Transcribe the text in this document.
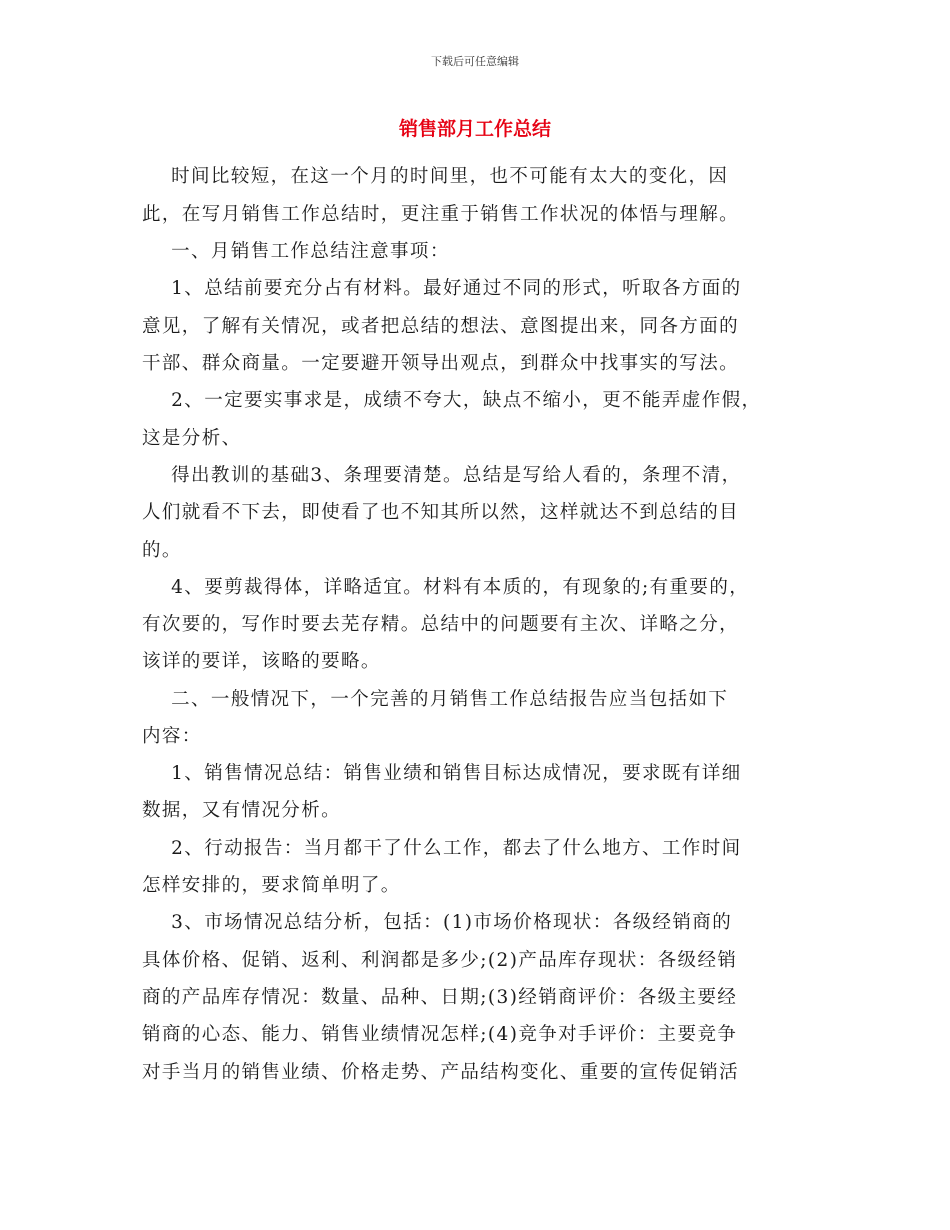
下载后可任意编辑
销售部月工作总结
时间比较短，在这一个月的时间里，也不可能有太大的变化，因
此，在写月销售工作总结时，更注重于销售工作状况的体悟与理解。
一、月销售工作总结注意事项：
1、总结前要充分占有材料。最好通过不同的形式，听取各方面的
意见，了解有关情况，或者把总结的想法、意图提出来，同各方面的
干部、群众商量。一定要避开领导出观点，到群众中找事实的写法。
2、一定要实事求是，成绩不夸大，缺点不缩小，更不能弄虚作假，
这是分析、
得出教训的基础3、条理要清楚。总结是写给人看的，条理不清，
人们就看不下去，即使看了也不知其所以然，这样就达不到总结的目
的。
4、要剪裁得体，详略适宜。材料有本质的，有现象的;有重要的，
有次要的，写作时要去芜存精。总结中的问题要有主次、详略之分，
该详的要详，该略的要略。
二、一般情况下，一个完善的月销售工作总结报告应当包括如下
内容：
1、销售情况总结：销售业绩和销售目标达成情况，要求既有详细
数据，又有情况分析。
2、行动报告：当月都干了什么工作，都去了什么地方、工作时间
怎样安排的，要求简单明了。
3、市场情况总结分析，包括：(1)市场价格现状：各级经销商的
具体价格、促销、返利、利润都是多少;(2)产品库存现状：各级经销
商的产品库存情况：数量、品种、日期;(3)经销商评价：各级主要经
销商的心态、能力、销售业绩情况怎样;(4)竞争对手评价：主要竞争
对手当月的销售业绩、价格走势、产品结构变化、重要的宣传促销活
